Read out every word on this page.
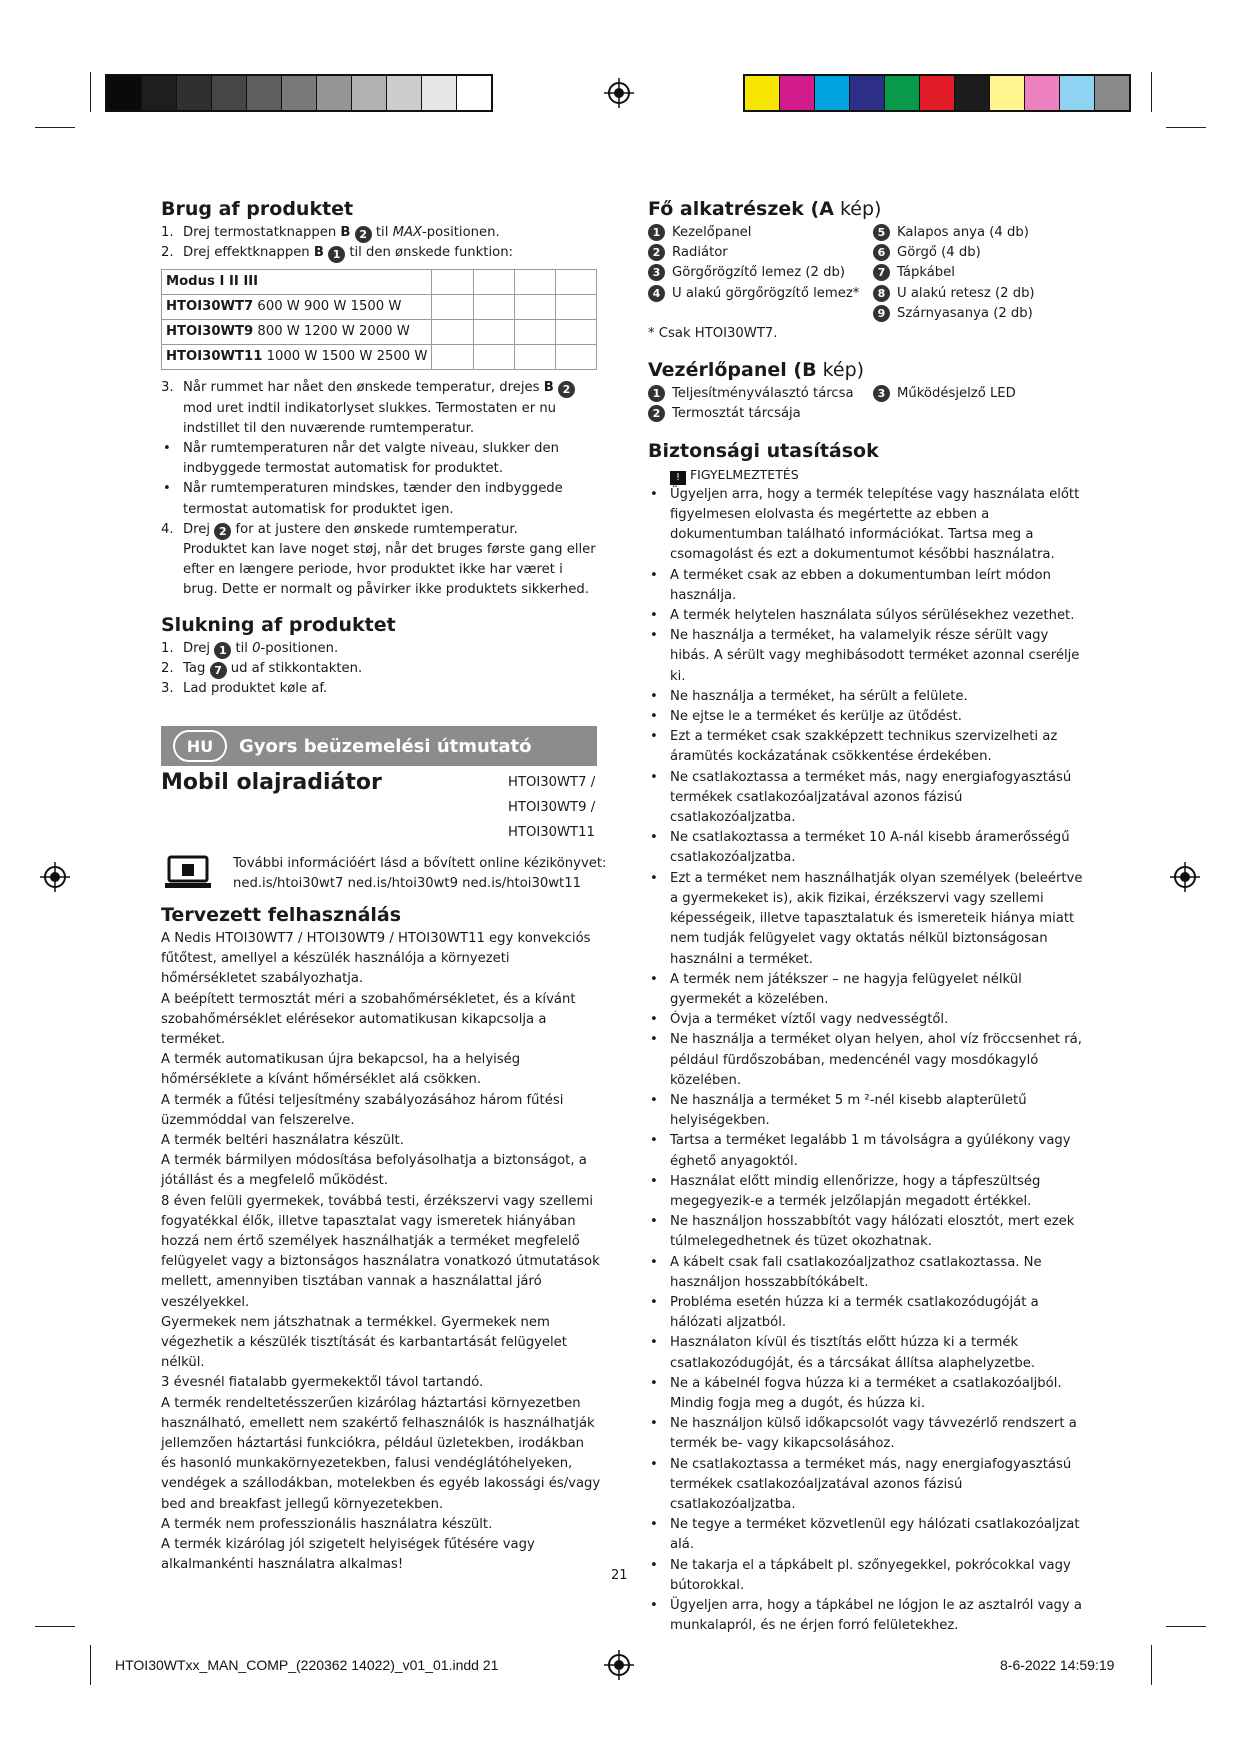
Brug af produktet
1. Drej termostatknappen B 2 til MAX-positionen.
2. Drej effektknappen B 1 til den ønskede funktion:
Modus I II III				
HTOI30WT7 600 W 900 W 1500 W				
HTOI30WT9 800 W 1200 W 2000 W				
HTOI30WT11 1000 W 1500 W 2500 W				
3. Når rummet har nået den ønskede temperatur, drejes B 2 mod uret indtil indikatorlyset slukkes. Termostaten er nu indstillet til den nuværende rumtemperatur.
• Når rumtemperaturen når det valgte niveau, slukker den indbyggede termostat automatisk for produktet.
• Når rumtemperaturen mindskes, tænder den indbyggede termostat automatisk for produktet igen.
4. Drej 2 for at justere den ønskede rumtemperatur.
Produktet kan lave noget støj, når det bruges første gang eller efter en længere periode, hvor produktet ikke har været i brug. Dette er normalt og påvirker ikke produktets sikkerhed.
Slukning af produktet
1. Drej 1 til 0-positionen.
2. Tag 7 ud af stikkontakten.
3. Lad produktet køle af.
HU	Gyors beüzemelési útmutató
Mobil olajradiátor	HTOI30WT7 /
HTOI30WT9 /
HTOI30WT11
További információért lásd a bővített online kézikönyvet:
ned.is/htoi30wt7 ned.is/htoi30wt9 ned.is/htoi30wt11
Tervezett felhasználás
A Nedis HTOI30WT7 / HTOI30WT9 / HTOI30WT11 egy konvekciós fűtőtest, amellyel a készülék használója a környezeti hőmérsékletet szabályozhatja.
A beépített termosztát méri a szobahőmérsékletet, és a kívánt szobahőmérséklet elérésekor automatikusan kikapcsolja a terméket.
A termék automatikusan újra bekapcsol, ha a helyiség hőmérséklete a kívánt hőmérséklet alá csökken.
A termék a fűtési teljesítmény szabályozásához három fűtési üzemmóddal van felszerelve.
A termék beltéri használatra készült.
A termék bármilyen módosítása befolyásolhatja a biztonságot, a jótállást és a megfelelő működést.
8 éven felüli gyermekek, továbbá testi, érzékszervi vagy szellemi fogyatékkal élők, illetve tapasztalat vagy ismeretek hiányában hozzá nem értő személyek használhatják a terméket megfelelő felügyelet vagy a biztonságos használatra vonatkozó útmutatások mellett, amennyiben tisztában vannak a használattal járó veszélyekkel.
Gyermekek nem játszhatnak a termékkel. Gyermekek nem végezhetik a készülék tisztítását és karbantartását felügyelet nélkül.
3 évesnél fiatalabb gyermekektől távol tartandó.
A termék rendeltetésszerűen kizárólag háztartási környezetben használható, emellett nem szakértő felhasználók is használhatják jellemzően háztartási funkciókra, például üzletekben, irodákban és hasonló munkakörnyezetekben, falusi vendéglátóhelyeken, vendégek a szállodákban, motelekben és egyéb lakossági és/vagy bed and breakfast jellegű környezetekben.
A termék nem professzionális használatra készült.
A termék kizárólag jól szigetelt helyiségek fűtésére vagy alkalmankénti használatra alkalmas!
Fő alkatrészek (A kép)
1 Kezelőpanel
2 Radiátor
3 Görgőrögzítő lemez (2 db)
4 U alakú görgőrögzítő lemez*
5 Kalapos anya (4 db)
6 Görgő (4 db)
7 Tápkábel
8 U alakú retesz (2 db)
9 Szárnyasanya (2 db)
* Csak HTOI30WT7.
Vezérlőpanel (B kép)
1 Teljesítményválasztó tárcsa
2 Termosztát tárcsája
3 Működésjelző LED
Biztonsági utasítások
! FIGYELMEZTETÉS
• Ügyeljen arra, hogy a termék telepítése vagy használata előtt figyelmesen elolvasta és megértette az ebben a dokumentumban található információkat. Tartsa meg a csomagolást és ezt a dokumentumot későbbi használatra.
• A terméket csak az ebben a dokumentumban leírt módon használja.
• A termék helytelen használata súlyos sérülésekhez vezethet.
• Ne használja a terméket, ha valamelyik része sérült vagy hibás. A sérült vagy meghibásodott terméket azonnal cserélje ki.
• Ne használja a terméket, ha sérült a felülete.
• Ne ejtse le a terméket és kerülje az ütődést.
• Ezt a terméket csak szakképzett technikus szervizelheti az áramütés kockázatának csökkentése érdekében.
• Ne csatlakoztassa a terméket más, nagy energiafogyasztású termékek csatlakozóaljzatával azonos fázisú csatlakozóaljzatba.
• Ne csatlakoztassa a terméket 10 A-nál kisebb áramerősségű csatlakozóaljzatba.
• Ezt a terméket nem használhatják olyan személyek (beleértve a gyermekeket is), akik fizikai, érzékszervi vagy szellemi képességeik, illetve tapasztalatuk és ismereteik hiánya miatt nem tudják felügyelet vagy oktatás nélkül biztonságosan használni a terméket.
• A termék nem játékszer – ne hagyja felügyelet nélkül gyermekét a közelében.
• Óvja a terméket víztől vagy nedvességtől.
• Ne használja a terméket olyan helyen, ahol víz fröccsenhet rá, például fürdőszobában, medencénél vagy mosdókagyló közelében.
• Ne használja a terméket 5 m ²-nél kisebb alapterületű helyiségekben.
• Tartsa a terméket legalább 1 m távolságra a gyúlékony vagy éghető anyagoktól.
• Használat előtt mindig ellenőrizze, hogy a tápfeszültség megegyezik-e a termék jelzőlapján megadott értékkel.
• Ne használjon hosszabbítót vagy hálózati elosztót, mert ezek túlmelegedhetnek és tüzet okozhatnak.
• A kábelt csak fali csatlakozóaljzathoz csatlakoztassa. Ne használjon hosszabbítókábelt.
• Probléma esetén húzza ki a termék csatlakozódugóját a hálózati aljzatból.
• Használaton kívül és tisztítás előtt húzza ki a termék csatlakozódugóját, és a tárcsákat állítsa alaphelyzetbe.
• Ne a kábelnél fogva húzza ki a terméket a csatlakozóaljból. Mindig fogja meg a dugót, és húzza ki.
• Ne használjon külső időkapcsolót vagy távvezérlő rendszert a termék be- vagy kikapcsolásához.
• Ne csatlakoztassa a terméket más, nagy energiafogyasztású termékek csatlakozóaljzatával azonos fázisú csatlakozóaljzatba.
• Ne tegye a terméket közvetlenül egy hálózati csatlakozóaljzat alá.
• Ne takarja el a tápkábelt pl. szőnyegekkel, pokrócokkal vagy bútorokkal.
• Ügyeljen arra, hogy a tápkábel ne lógjon le az asztalról vagy a munkalapról, és ne érjen forró felületekhez.
21
HTOI30WTxx_MAN_COMP_(220362 14022)_v01_01.indd 21	8-6-2022 14:59:19
